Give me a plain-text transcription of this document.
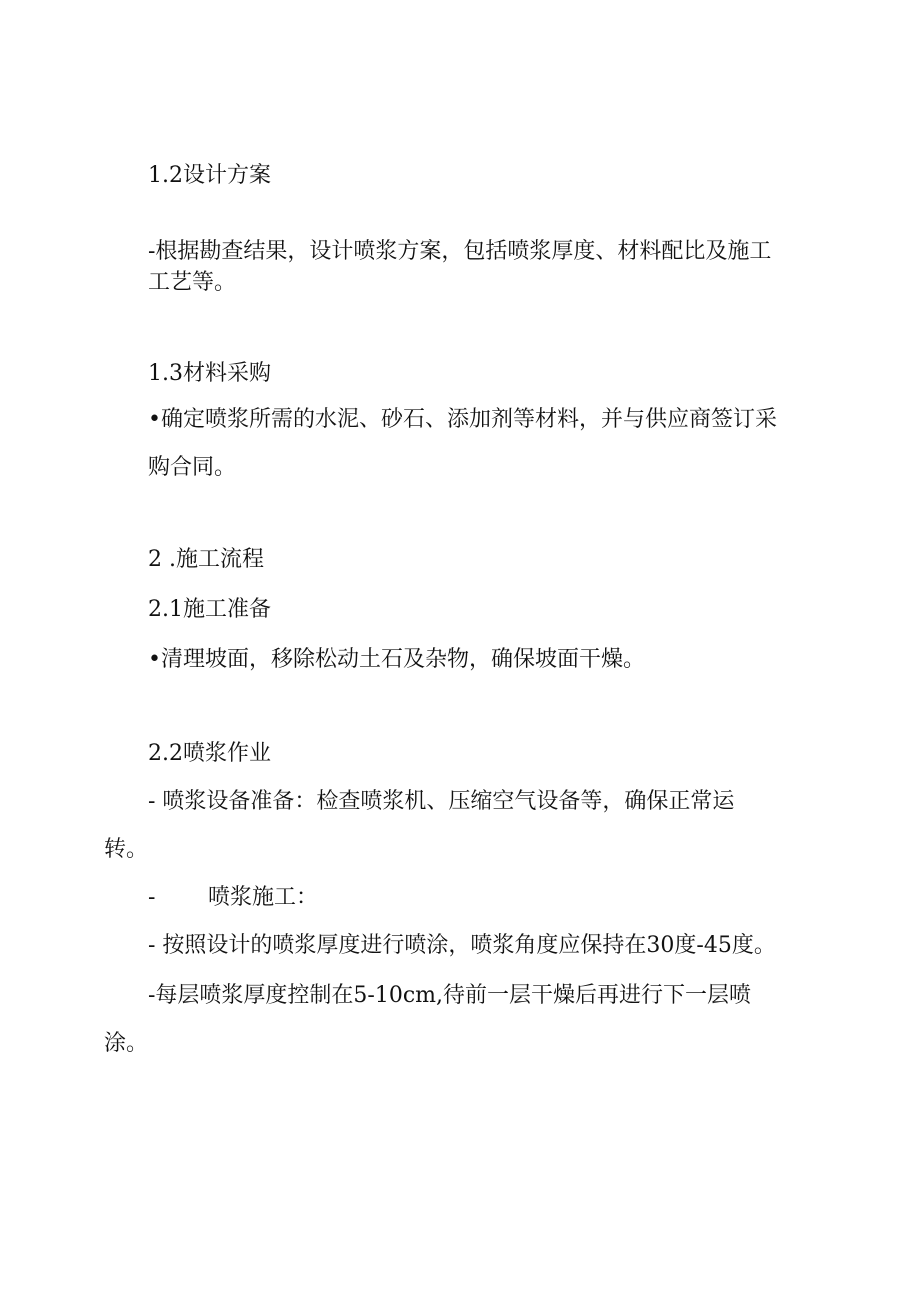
1.2设计方案

-根据勘查结果，设计喷浆方案，包括喷浆厚度、材料配比及施工

工艺等。

1.3材料采购

•确定喷浆所需的水泥、砂石、添加剂等材料，并与供应商签订采

购合同。

2 .施工流程

2.1施工准备

•清理坡面，移除松动土石及杂物，确保坡面干燥。

2.2喷浆作业

- 喷浆设备准备：检查喷浆机、压缩空气设备等，确保正常运

转。

- 喷浆施工：

- 按照设计的喷浆厚度进行喷涂，喷浆角度应保持在30度-45度。

-每层喷浆厚度控制在5-10cm,待前一层干燥后再进行下一层喷

涂。
